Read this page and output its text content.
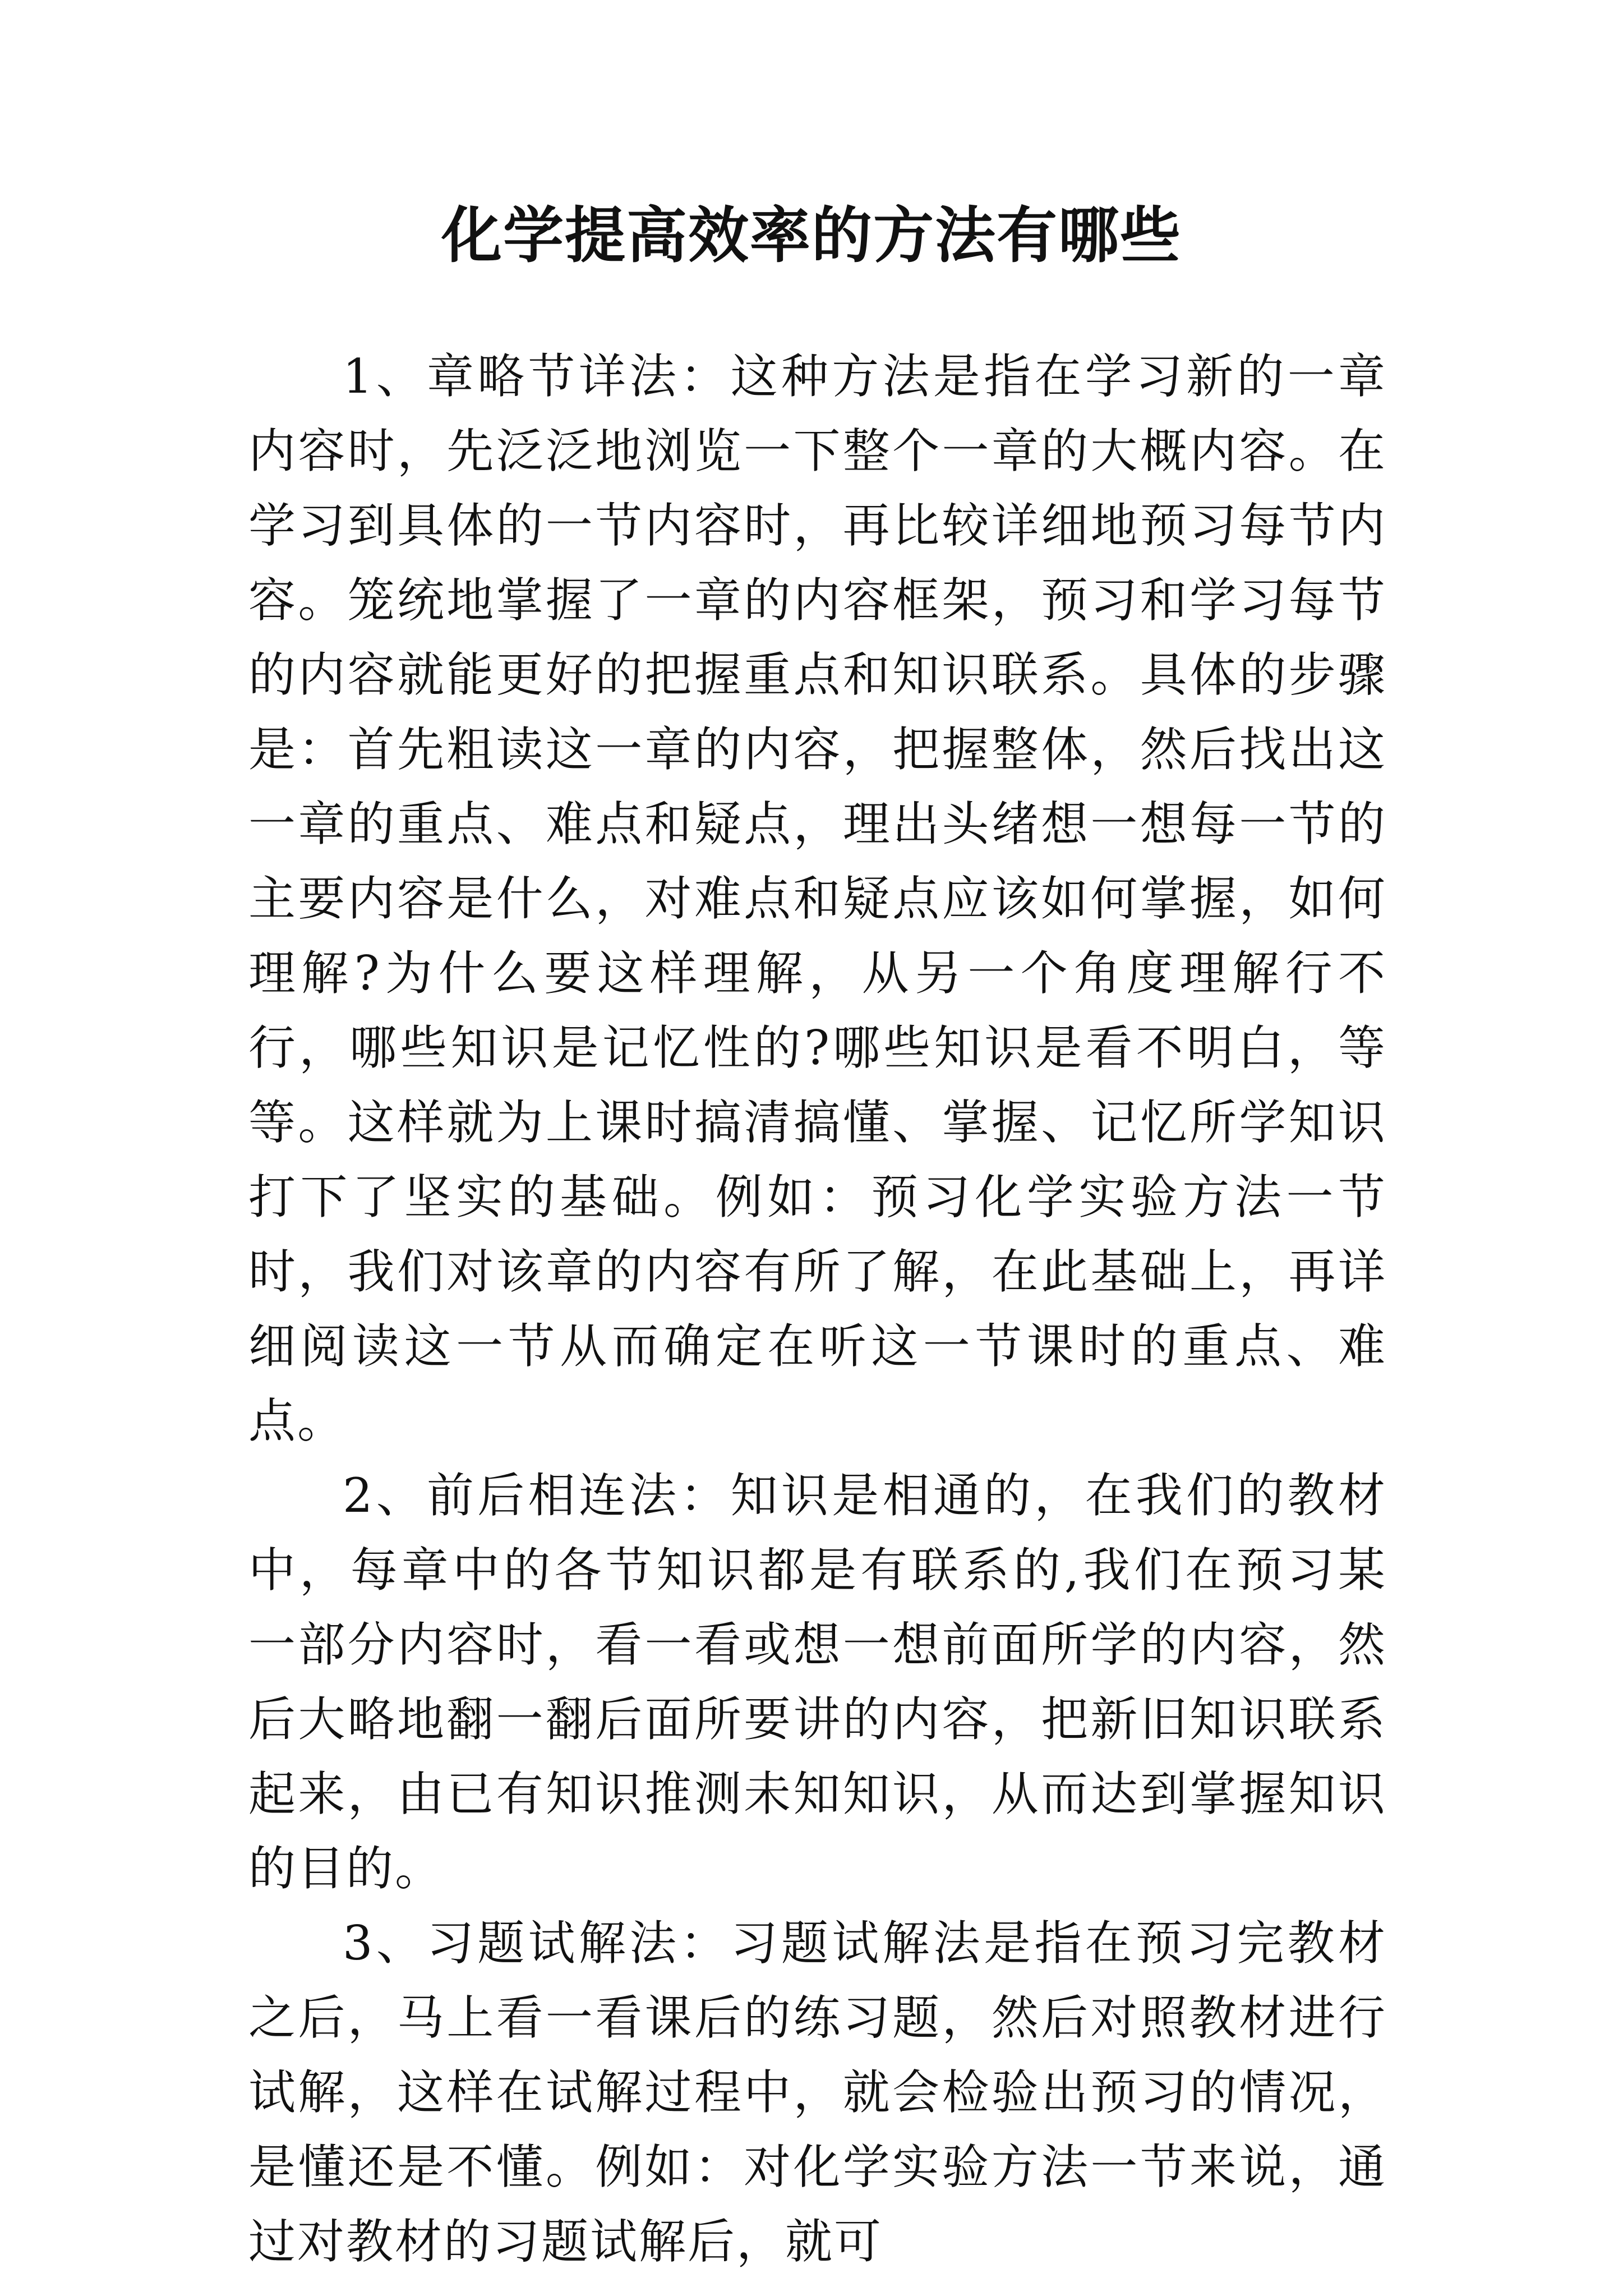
化学提高效率的方法有哪些

1、章略节详法：这种方法是指在学习新的一章内容时，先泛泛地浏览一下整个一章的大概内容。在学习到具体的一节内容时，再比较详细地预习每节内容。笼统地掌握了一章的内容框架，预习和学习每节的内容就能更好的把握重点和知识联系。具体的步骤是：首先粗读这一章的内容，把握整体，然后找出这一章的重点、难点和疑点，理出头绪想一想每一节的主要内容是什么，对难点和疑点应该如何掌握，如何理解?为什么要这样理解，从另一个角度理解行不行，哪些知识是记忆性的?哪些知识是看不明白，等等。这样就为上课时搞清搞懂、掌握、记忆所学知识打下了坚实的基础。例如：预习化学实验方法一节时，我们对该章的内容有所了解，在此基础上，再详细阅读这一节从而确定在听这一节课时的重点、难点。

2、前后相连法：知识是相通的，在我们的教材中，每章中的各节知识都是有联系的,我们在预习某一部分内容时，看一看或想一想前面所学的内容，然后大略地翻一翻后面所要讲的内容，把新旧知识联系起来，由已有知识推测未知知识，从而达到掌握知识的目的。

3、习题试解法：习题试解法是指在预习完教材之后，马上看一看课后的练习题，然后对照教材进行试解，这样在试解过程中，就会检验出预习的情况，是懂还是不懂。例如：对化学实验方法一节来说，通过对教材的习题试解后，就可
